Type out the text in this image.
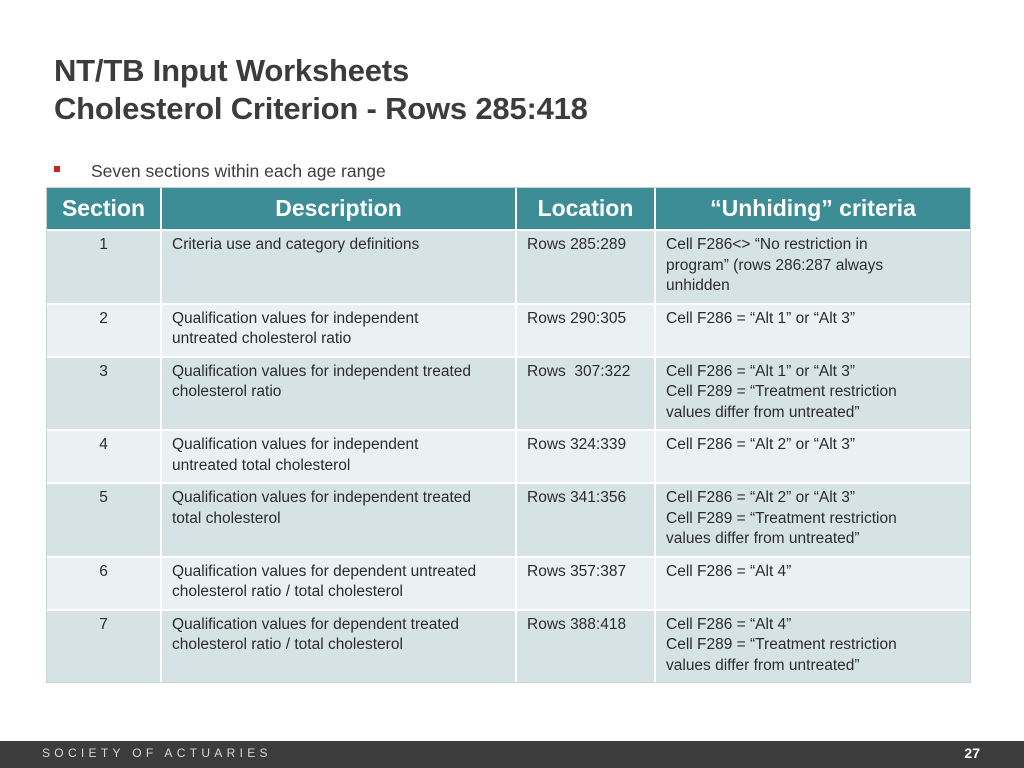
NT/TB Input Worksheets
Cholesterol Criterion - Rows 285:418
Seven sections within each age range
Section	Description	Location	“Unhiding” criteria
1	Criteria use and category definitions	Rows 285:289	Cell F286<> “No restriction in
program” (rows 286:287 always
unhidden

2	Qualification values for independent
untreated cholesterol ratio	Rows 290:305	Cell F286 = “Alt 1” or “Alt 3”

3	Qualification values for independent treated
cholesterol ratio	Rows  307:322	Cell F286 = “Alt 1” or “Alt 3”
Cell F289 = “Treatment restriction
values differ from untreated”

4	Qualification values for independent
untreated total cholesterol	Rows 324:339	Cell F286 = “Alt 2” or “Alt 3”

5	Qualification values for independent treated
total cholesterol	Rows 341:356	Cell F286 = “Alt 2” or “Alt 3”
Cell F289 = “Treatment restriction
values differ from untreated”

6	Qualification values for dependent untreated
cholesterol ratio / total cholesterol	Rows 357:387	Cell F286 = “Alt 4”

7	Qualification values for dependent treated
cholesterol ratio / total cholesterol	Rows 388:418	Cell F286 = “Alt 4”
Cell F289 = “Treatment restriction
values differ from untreated”
SOCIETY OF ACTUARIES	27
